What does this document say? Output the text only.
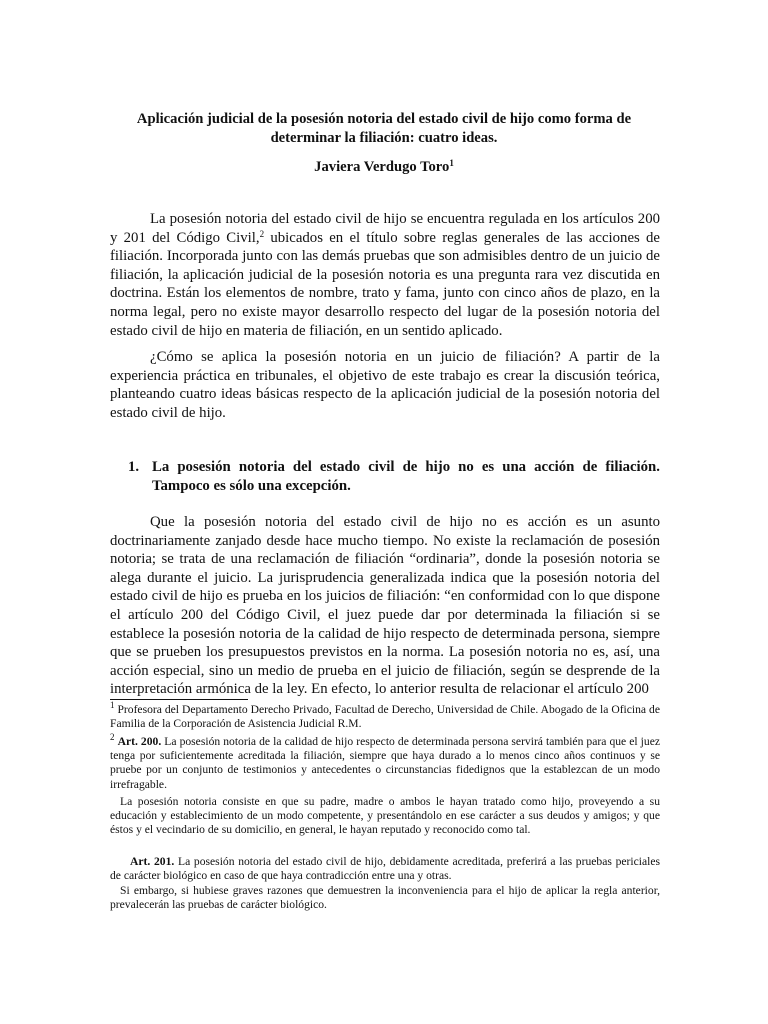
Aplicación judicial de la posesión notoria del estado civil de hijo como forma de determinar la filiación: cuatro ideas.
Javiera Verdugo Toro$^1$

La posesión notoria del estado civil de hijo se encuentra regulada en los artículos 200 y 201 del Código Civil,$^2$ ubicados en el título sobre reglas generales de las acciones de filiación. Incorporada junto con las demás pruebas que son admisibles dentro de un juicio de filiación, la aplicación judicial de la posesión notoria es una pregunta rara vez discutida en doctrina. Están los elementos de nombre, trato y fama, junto con cinco años de plazo, en la norma legal, pero no existe mayor desarrollo respecto del lugar de la posesión notoria del estado civil de hijo en materia de filiación, en un sentido aplicado.

¿Cómo se aplica la posesión notoria en un juicio de filiación? A partir de la experiencia práctica en tribunales, el objetivo de este trabajo es crear la discusión teórica, planteando cuatro ideas básicas respecto de la aplicación judicial de la posesión notoria del estado civil de hijo.

1. La posesión notoria del estado civil de hijo no es una acción de filiación. Tampoco es sólo una excepción.

Que la posesión notoria del estado civil de hijo no es acción es un asunto doctrinariamente zanjado desde hace mucho tiempo. No existe la reclamación de posesión notoria; se trata de una reclamación de filiación “ordinaria”, donde la posesión notoria se alega durante el juicio. La jurisprudencia generalizada indica que la posesión notoria del estado civil de hijo es prueba en los juicios de filiación: “en conformidad con lo que dispone el artículo 200 del Código Civil, el juez puede dar por determinada la filiación si se establece la posesión notoria de la calidad de hijo respecto de determinada persona, siempre que se prueben los presupuestos previstos en la norma. La posesión notoria no es, así, una acción especial, sino un medio de prueba en el juicio de filiación, según se desprende de la interpretación armónica de la ley. En efecto, lo anterior resulta de relacionar el artículo 200

$^1$ Profesora del Departamento Derecho Privado, Facultad de Derecho, Universidad de Chile. Abogado de la Oficina de Familia de la Corporación de Asistencia Judicial R.M.

$^2$ Art. 200. La posesión notoria de la calidad de hijo respecto de determinada persona servirá también para que el juez tenga por suficientemente acreditada la filiación, siempre que haya durado a lo menos cinco años continuos y se pruebe por un conjunto de testimonios y antecedentes o circunstancias fidedignos que la establezcan de un modo irrefragable.

La posesión notoria consiste en que su padre, madre o ambos le hayan tratado como hijo, proveyendo a su educación y establecimiento de un modo competente, y presentándolo en ese carácter a sus deudos y amigos; y que éstos y el vecindario de su domicilio, en general, le hayan reputado y reconocido como tal.

Art. 201. La posesión notoria del estado civil de hijo, debidamente acreditada, preferirá a las pruebas periciales de carácter biológico en caso de que haya contradicción entre una y otras.

Si embargo, si hubiese graves razones que demuestren la inconveniencia para el hijo de aplicar la regla anterior, prevalecerán las pruebas de carácter biológico.
